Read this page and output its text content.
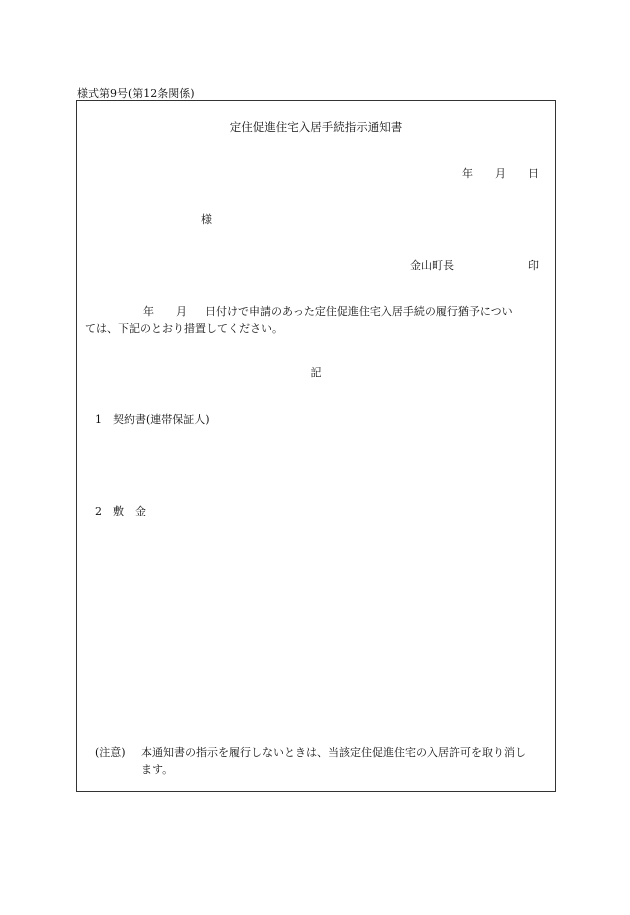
様式第9号(第12条関係)
定住促進住宅入居手続指示通知書
年 月 日
様
金山町長	印
年 月 日付けで申請のあった定住促進住宅入居手続の履行猶予につい
ては、下記のとおり措置してください。
記
1 契約書(連帯保証人)
2 敷　金
(注意) 本通知書の指示を履行しないときは、当該定住促進住宅の入居許可を取り消し
ます。
